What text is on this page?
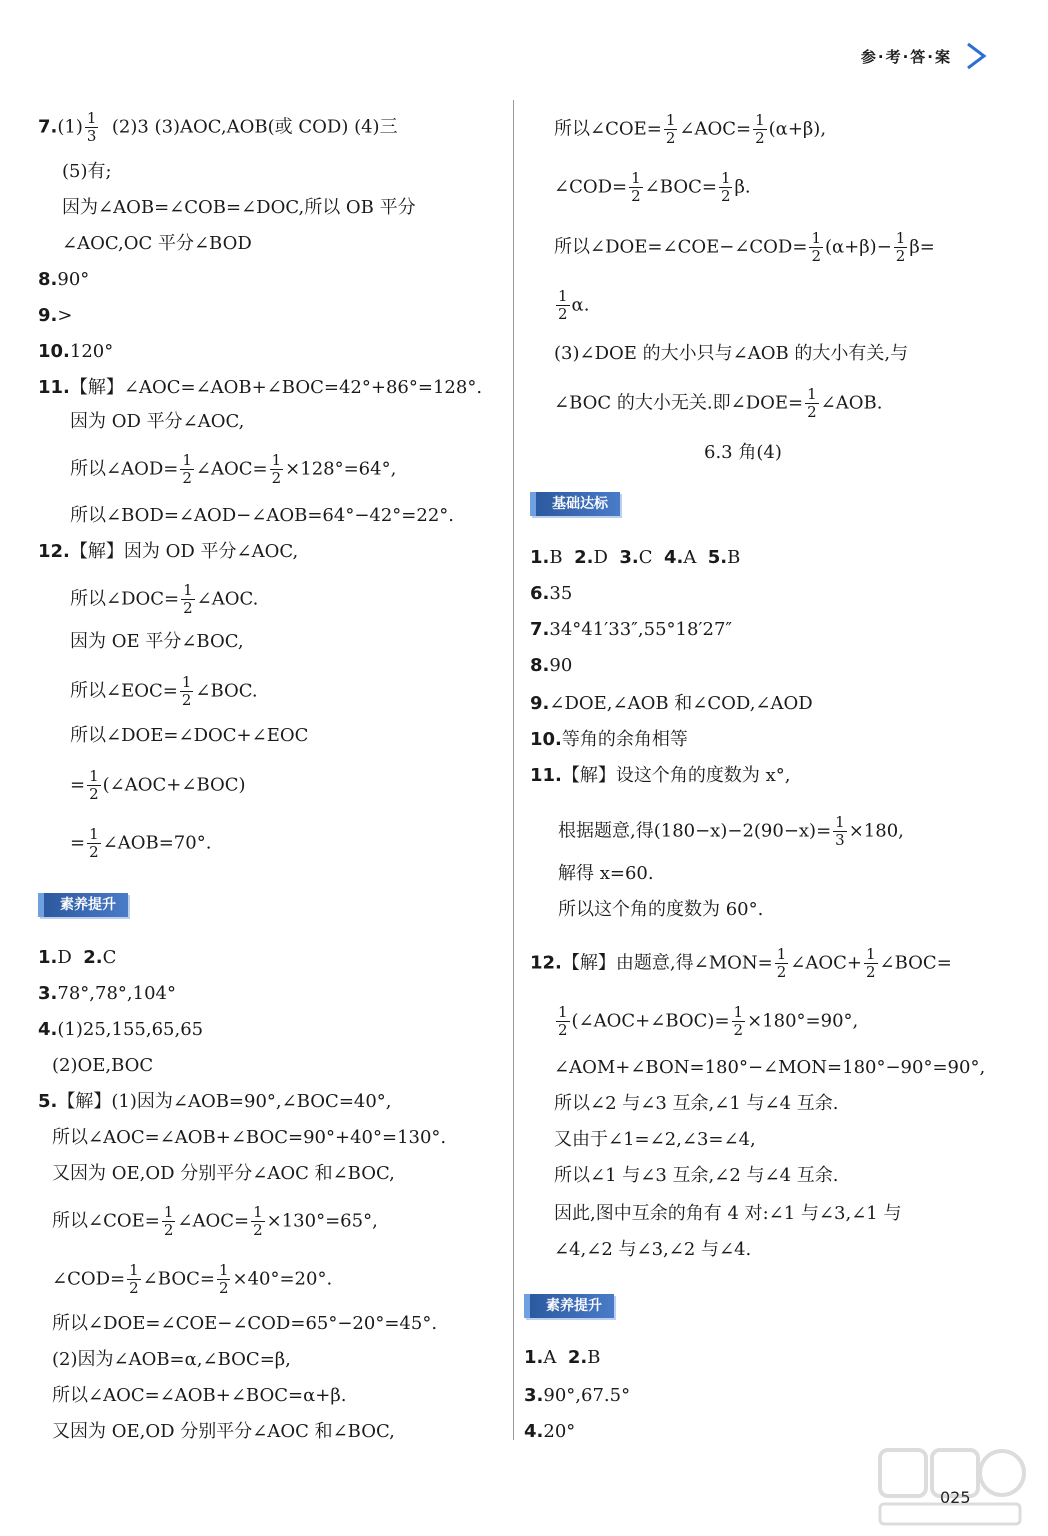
参·考·答·案
$7.(1) \frac{1}{3} (2)3$ (3)AOC,AOB(或 COD) (4)三
(5)有;
因为∠AOB=∠COB=∠DOC,所以 OB 平分
∠AOC,OC 平分∠BOD
8.90°
9.>
10.120°
11.【解】∠AOC=∠AOB+∠BOC=42°+86°=128°.
因为 OD 平分∠AOC,
所以∠AOD= $\frac{1}{2}$ ∠AOC= $\frac{1}{2} \times 128^\circ=64^\circ$,
所以∠BOD=∠AOD−∠AOB=64°−42°=22°.
12.【解】因为 OD 平分∠AOC,
所以∠DOC= $\frac{1}{2}$ ∠AOC.
因为 OE 平分∠BOC,
所以∠EOC= $\frac{1}{2}$ ∠BOC.
所以∠DOE=∠DOC+∠EOC
= $\frac{1}{2}$ (∠AOC+∠BOC)
= $\frac{1}{2}$ ∠AOB=70°.
素养提升
1.D 2.C
3.78°,78°,104°
4.(1)25,155,65,65
(2)OE,BOC
5.【解】(1)因为∠AOB=90°,∠BOC=40°,
所以∠AOC=∠AOB+∠BOC=90°+40°=130°.
又因为 OE,OD 分别平分∠AOC 和∠BOC,
所以∠COE= $\frac{1}{2}$ ∠AOC= $\frac{1}{2} \times 130^\circ=65^\circ$,
∠COD= $\frac{1}{2}$ ∠BOC= $\frac{1}{2} \times 40^\circ=20^\circ$.
所以∠DOE=∠COE−∠COD=65°−20°=45°.
(2)因为∠AOB=α,∠BOC=β,
所以∠AOC=∠AOB+∠BOC=α+β.
又因为 OE,OD 分别平分∠AOC 和∠BOC,
所以∠COE= $\frac{1}{2}$ ∠AOC= $\frac{1}{2} (\alpha+\beta)$,
∠COD= $\frac{1}{2}$ ∠BOC= $\frac{1}{2} \beta$.
所以∠DOE=∠COE−∠COD= $\frac{1}{2} (\alpha+\beta)- \frac{1}{2} \beta=$
$\frac{1}{2} \alpha$.
(3)∠DOE 的大小只与∠AOB 的大小有关,与
∠BOC 的大小无关.即∠DOE= $\frac{1}{2}$ ∠AOB.
6.3 角(4)
基础达标
1.B 2.D 3.C 4.A 5.B
6.35
7.34°41′33″,55°18′27″
8.90
9.∠DOE,∠AOB 和∠COD,∠AOD
10.等角的余角相等
11.【解】设这个角的度数为 x°,
根据题意,得$(180-x)-2(90-x)= \frac{1}{3} \times 180$,
解得 x=60.
所以这个角的度数为 60°.
12.【解】由题意,得∠MON= $\frac{1}{2}$ ∠AOC+ $\frac{1}{2}$ ∠BOC=
$\frac{1}{2}$ (∠AOC+∠BOC)= $\frac{1}{2} \times 180^\circ=90^\circ$,
∠AOM+∠BON=180°−∠MON=180°−90°=90°,
所以∠2 与∠3 互余,∠1 与∠4 互余.
又由于∠1=∠2,∠3=∠4,
所以∠1 与∠3 互余,∠2 与∠4 互余.
因此,图中互余的角有 4 对:∠1 与∠3,∠1 与
∠4,∠2 与∠3,∠2 与∠4.
素养提升
1.A 2.B
3.90°,67.5°
4.20°
025
